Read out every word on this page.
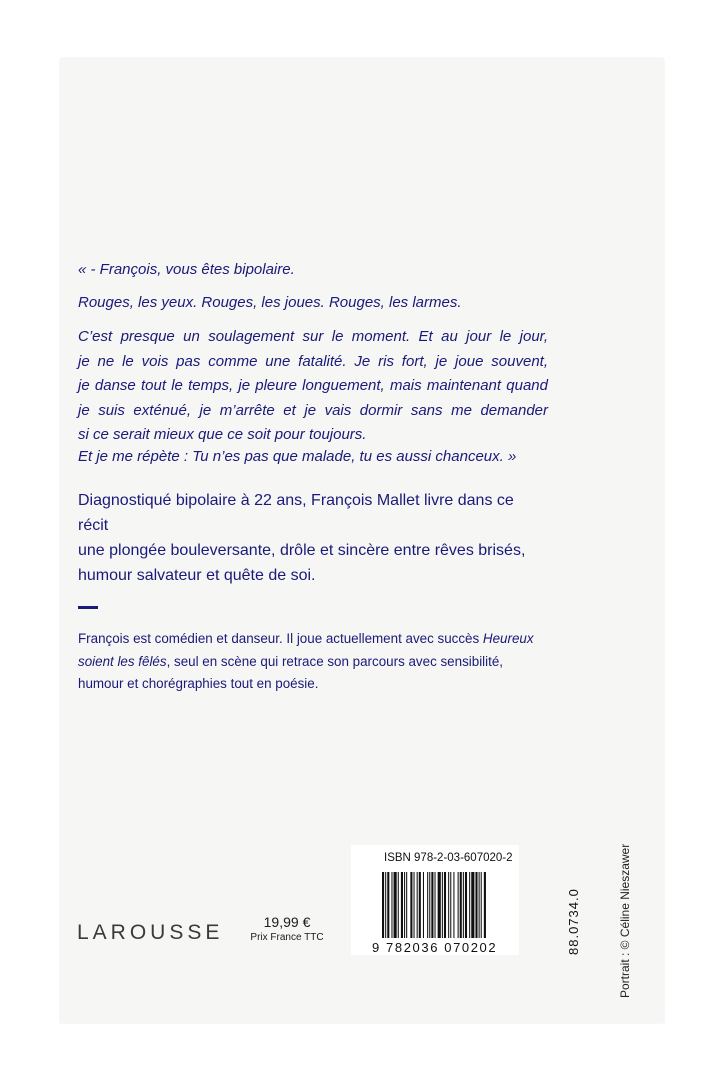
« - François, vous êtes bipolaire.

Rouges, les yeux. Rouges, les joues. Rouges, les larmes.

C’est presque un soulagement sur le moment. Et au jour le jour,
je ne le vois pas comme une fatalité. Je ris fort, je joue souvent,
je danse tout le temps, je pleure longuement, mais maintenant quand
je suis exténué, je m’arrête et je vais dormir sans me demander
si ce serait mieux que ce soit pour toujours.

Et je me répète : Tu n’es pas que malade, tu es aussi chanceux. »

Diagnostiqué bipolaire à 22 ans, François Mallet livre dans ce récit
une plongée bouleversante, drôle et sincère entre rêves brisés,
humour salvateur et quête de soi.
François est comédien et danseur. Il joue actuellement avec succès Heureux
soient les fêlés, seul en scène qui retrace son parcours avec sensibilité,
humour et chorégraphies tout en poésie.
LAROUSSE	19,99 €
Prix France TTC
ISBN 978-2-03-607020-2
9 782036 070202	88.0734.0	Portrait : © Céline Nieszawer
